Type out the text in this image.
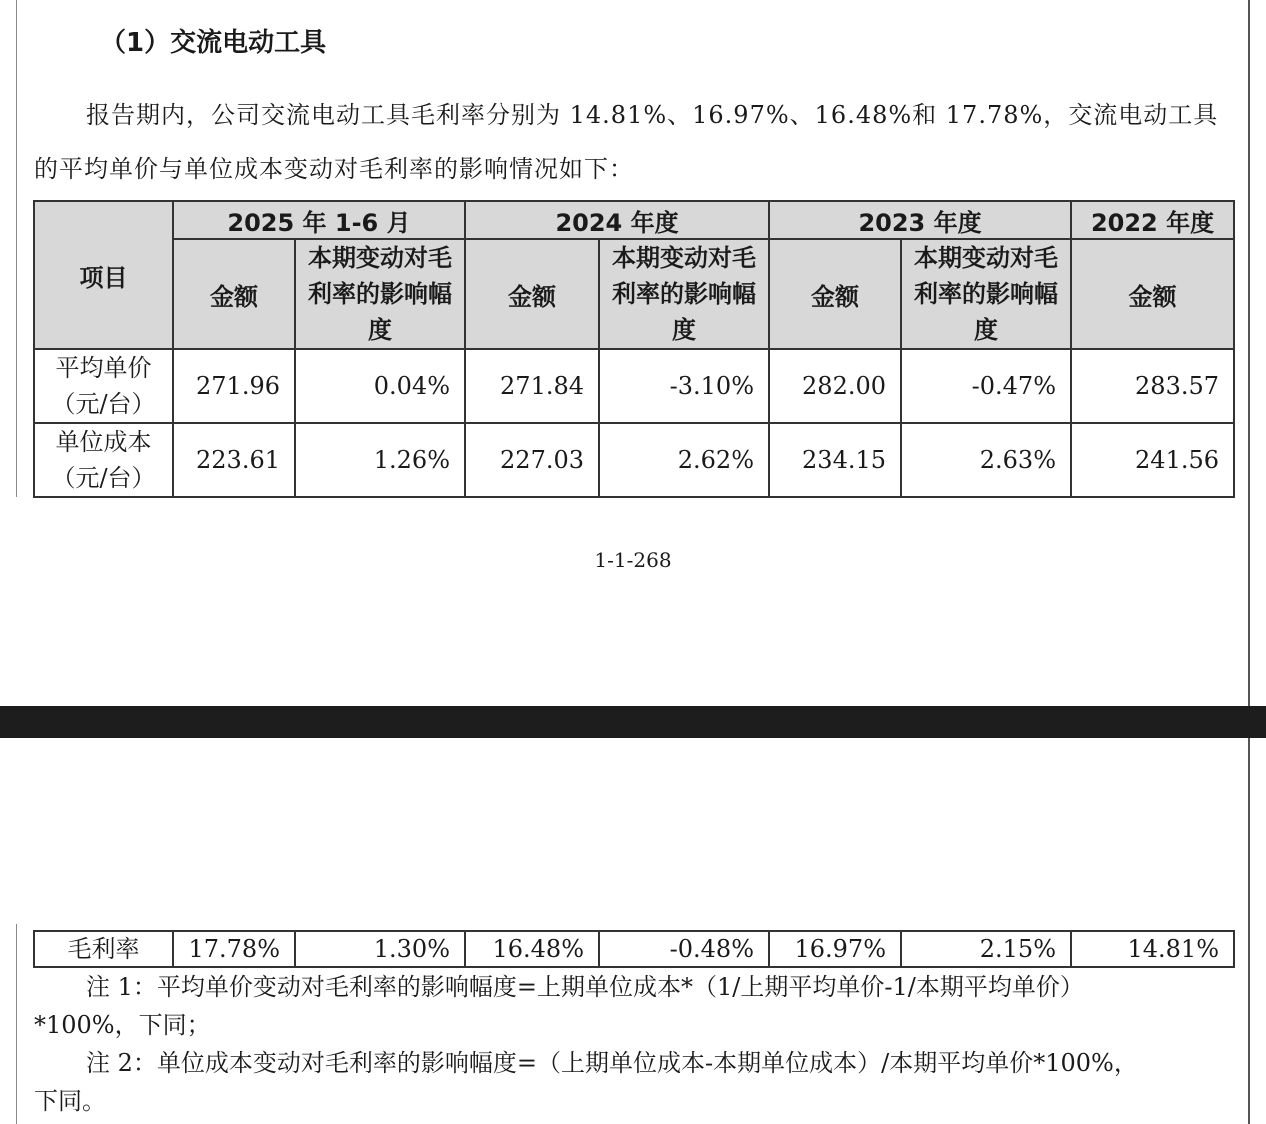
（1）交流电动工具

报告期内，公司交流电动工具毛利率分别为 14.81%、16.97%、16.48%和 17.78%，交流电动工具的平均单价与单位成本变动对毛利率的影响情况如下：

项目	2025 年 1-6 月		2024 年度		2023 年度		2022 年度
	金额	本期变动对毛利率的影响幅度	金额	本期变动对毛利率的影响幅度	金额	本期变动对毛利率的影响幅度	金额

平均单价
（元/台）	271.96	0.04%	271.84	-3.10%	282.00	-0.47%	283.57

单位成本
（元/台）	223.61	1.26%	227.03	2.62%	234.15	2.63%	241.56

1-1-268

毛利率	17.78%	1.30%	16.48%	-0.48%	16.97%	2.15%	14.81%

注 1：平均单价变动对毛利率的影响幅度=上期单位成本*（1/上期平均单价-1/本期平均单价）

*100%，下同；

注 2：单位成本变动对毛利率的影响幅度=（上期单位成本-本期单位成本）/本期平均单价*100%，

下同。
